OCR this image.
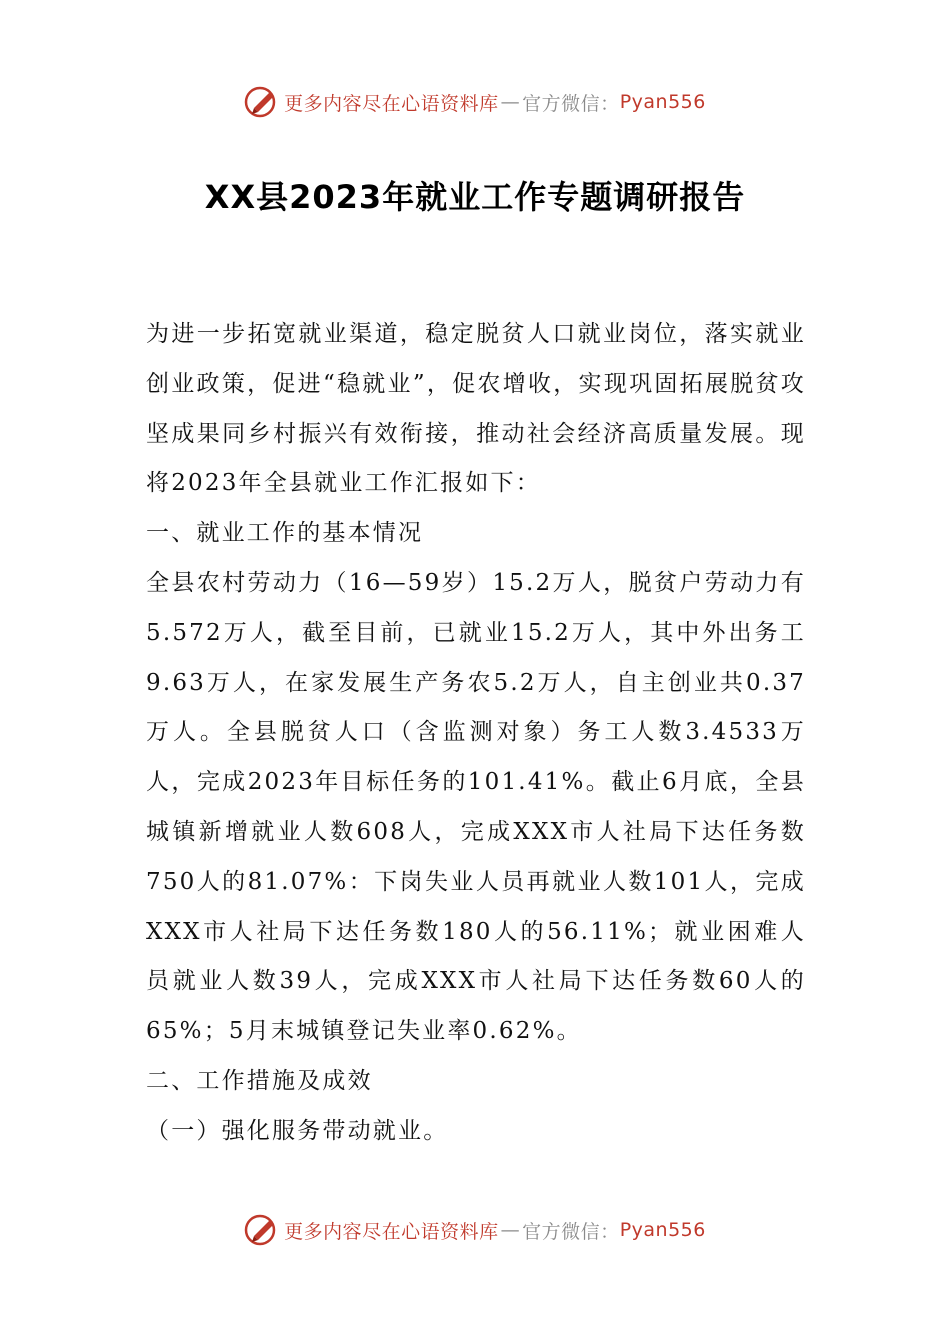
更多内容尽在心语资料库 — 官方微信： Pyan556
XX县2023年就业工作专题调研报告

为进一步拓宽就业渠道，稳定脱贫人口就业岗位，落实就业创业政策，促进“稳就业”，促农增收，实现巩固拓展脱贫攻坚成果同乡村振兴有效衔接，推动社会经济高质量发展。现将2023年全县就业工作汇报如下：

一、就业工作的基本情况

全县农村劳动力（16—59岁）15.2万人，脱贫户劳动力有5.572万人，截至目前，已就业15.2万人，其中外出务工9.63万人，在家发展生产务农5.2万人，自主创业共0.37万人。全县脱贫人口（含监测对象）务工人数3.4533万人，完成2023年目标任务的101.41%。截止6月底，全县城镇新增就业人数608人，完成XXX市人社局下达任务数750人的81.07%：下岗失业人员再就业人数101人，完成XXX市人社局下达任务数180人的56.11%；就业困难人员就业人数39人，完成XXX市人社局下达任务数60人的65%；5月末城镇登记失业率0.62%。

二、工作措施及成效

（一）强化服务带动就业。

更多内容尽在心语资料库 — 官方微信： Pyan556
